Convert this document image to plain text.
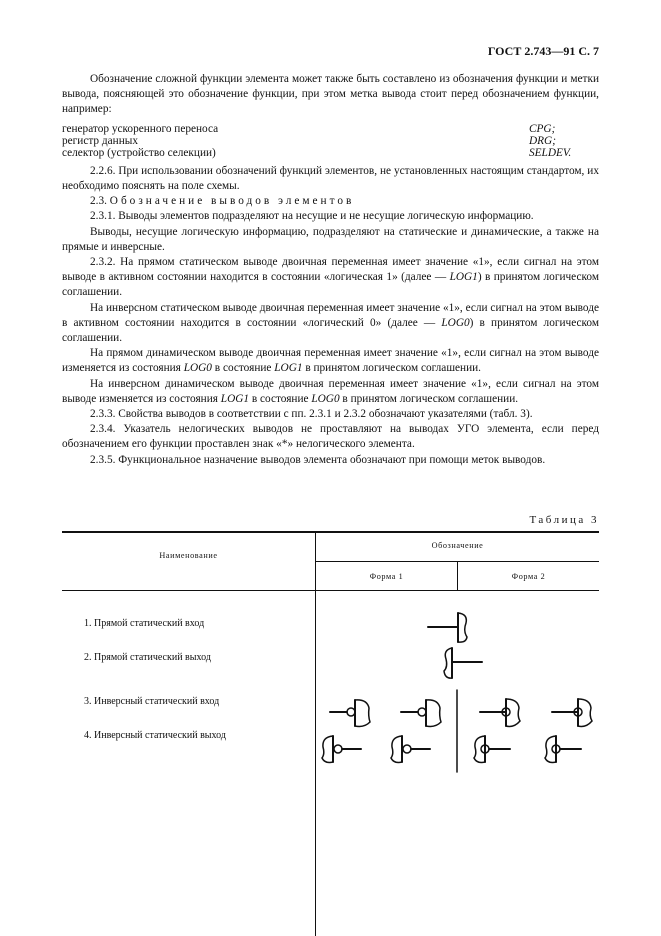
ГОСТ 2.743—91 С. 7

Обозначение сложной функции элемента может также быть составлено из обозначения функции и метки вывода, поясняющей это обозначение функции, при этом метка вывода стоит перед обозначением функции, например:

генератор ускоренного переноса	CPG;
регистр данных	DRG;
селектор (устройство селекции)	SELDEV.

2.2.6. При использовании обозначений функций элементов, не установленных настоящим стандартом, их необходимо пояснять на поле схемы.

2.3. Обозначение выводов элементов

2.3.1. Выводы элементов подразделяют на несущие и не несущие логическую информацию.

Выводы, несущие логическую информацию, подразделяют на статические и динамические, а также на прямые и инверсные.

2.3.2. На прямом статическом выводе двоичная переменная имеет значение «1», если сигнал на этом выводе в активном состоянии находится в состоянии «логическая 1» (далее — LOG1) в принятом логическом соглашении.

На инверсном статическом выводе двоичная переменная имеет значение «1», если сигнал на этом выводе в активном состоянии находится в состоянии «логический 0» (далее — LOG0) в принятом логическом соглашении.

На прямом динамическом выводе двоичная переменная имеет значение «1», если сигнал на этом выводе изменяется из состояния LOG0 в состояние LOG1 в принятом логическом соглашении.

На инверсном динамическом выводе двоичная переменная имеет значение «1», если сигнал на этом выводе изменяется из состояния LOG1 в состояние LOG0 в принятом логическом соглашении.

2.3.3. Свойства выводов в соответствии с пп. 2.3.1 и 2.3.2 обозначают указателями (табл. 3).

2.3.4. Указатель нелогических выводов не проставляют на выводах УГО элемента, если перед обозначением его функции проставлен знак «*» нелогического элемента.

2.3.5. Функциональное назначение выводов элемента обозначают при помощи меток выводов.

Таблица 3
Наименование
Обозначение
Форма 1	Форма 2
1. Прямой статический вход
2. Прямой статический выход
3. Инверсный статический вход
4. Инверсный статический выход
